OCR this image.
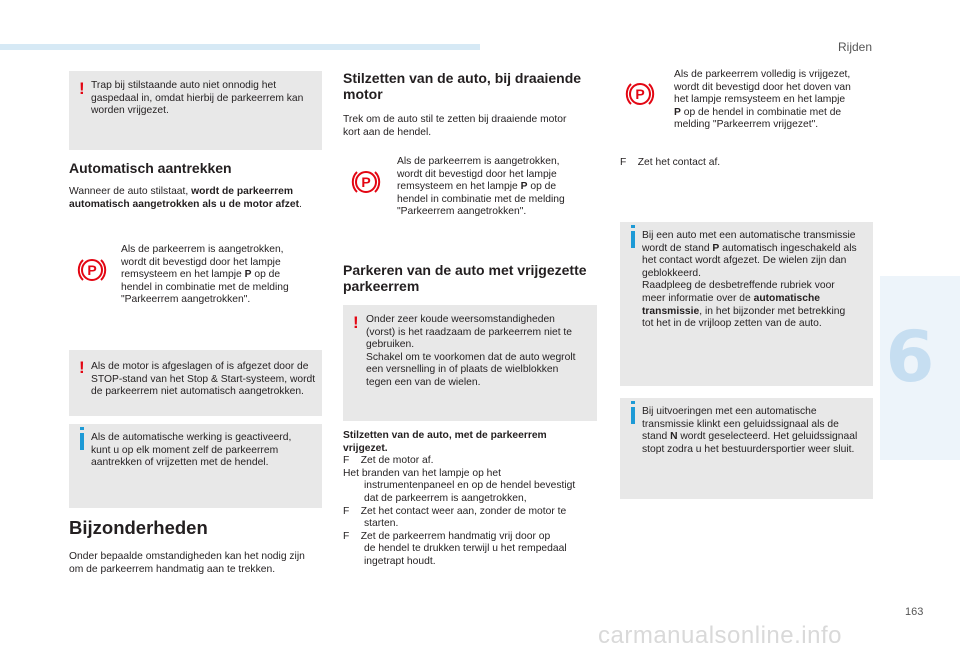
Rijden
6
163
carmanualsonline.info
! Trap bij stilstaande auto niet onnodig het
gaspedaal in, omdat hierbij de parkeerrem kan
worden vrijgezet.
Automatisch aantrekken
Wanneer de auto stilstaat, wordt de parkeerrem
automatisch aangetrokken als u de motor afzet.
P
Als de parkeerrem is aangetrokken,
wordt dit bevestigd door het lampje
remsysteem en het lampje P op de
hendel in combinatie met de melding
"Parkeerrem aangetrokken".
! Als de motor is afgeslagen of is afgezet door de
STOP-stand van het Stop & Start-systeem, wordt
de parkeerrem niet automatisch aangetrokken.
Als de automatische werking is geactiveerd,
kunt u op elk moment zelf de parkeerrem
aantrekken of vrijzetten met de hendel.
Bijzonderheden
Onder bepaalde omstandigheden kan het nodig zijn
om de parkeerrem handmatig aan te trekken.
Stilzetten van de auto, bij draaiende
motor
Trek om de auto stil te zetten bij draaiende motor
kort aan de hendel.
P
Als de parkeerrem is aangetrokken,
wordt dit bevestigd door het lampje
remsysteem en het lampje P op de
hendel in combinatie met de melding
"Parkeerrem aangetrokken".
Parkeren van de auto met vrijgezette
parkeerrem
! Onder zeer koude weersomstandigheden
(vorst) is het raadzaam de parkeerrem niet te
gebruiken.
Schakel om te voorkomen dat de auto wegrolt
een versnelling in of plaats de wielblokken
tegen een van de wielen.
Stilzetten van de auto, met de parkeerrem
vrijgezet.
F Zet de motor af.
Het branden van het lampje op het
instrumentenpaneel en op de hendel bevestigt
dat de parkeerrem is aangetrokken,
F Zet het contact weer aan, zonder de motor te
starten.
F Zet de parkeerrem handmatig vrij door op
de hendel te drukken terwijl u het rempedaal
ingetrapt houdt.
P
Als de parkeerrem volledig is vrijgezet,
wordt dit bevestigd door het doven van
het lampje remsysteem en het lampje
P op de hendel in combinatie met de
melding "Parkeerrem vrijgezet".
F Zet het contact af.
Bij een auto met een automatische transmissie
wordt de stand P automatisch ingeschakeld als
het contact wordt afgezet. De wielen zijn dan
geblokkeerd.
Raadpleeg de desbetreffende rubriek voor
meer informatie over de automatische
transmissie, in het bijzonder met betrekking
tot het in de vrijloop zetten van de auto.
Bij uitvoeringen met een automatische
transmissie klinkt een geluidssignaal als de
stand N wordt geselecteerd. Het geluidssignaal
stopt zodra u het bestuurdersportier weer sluit.
